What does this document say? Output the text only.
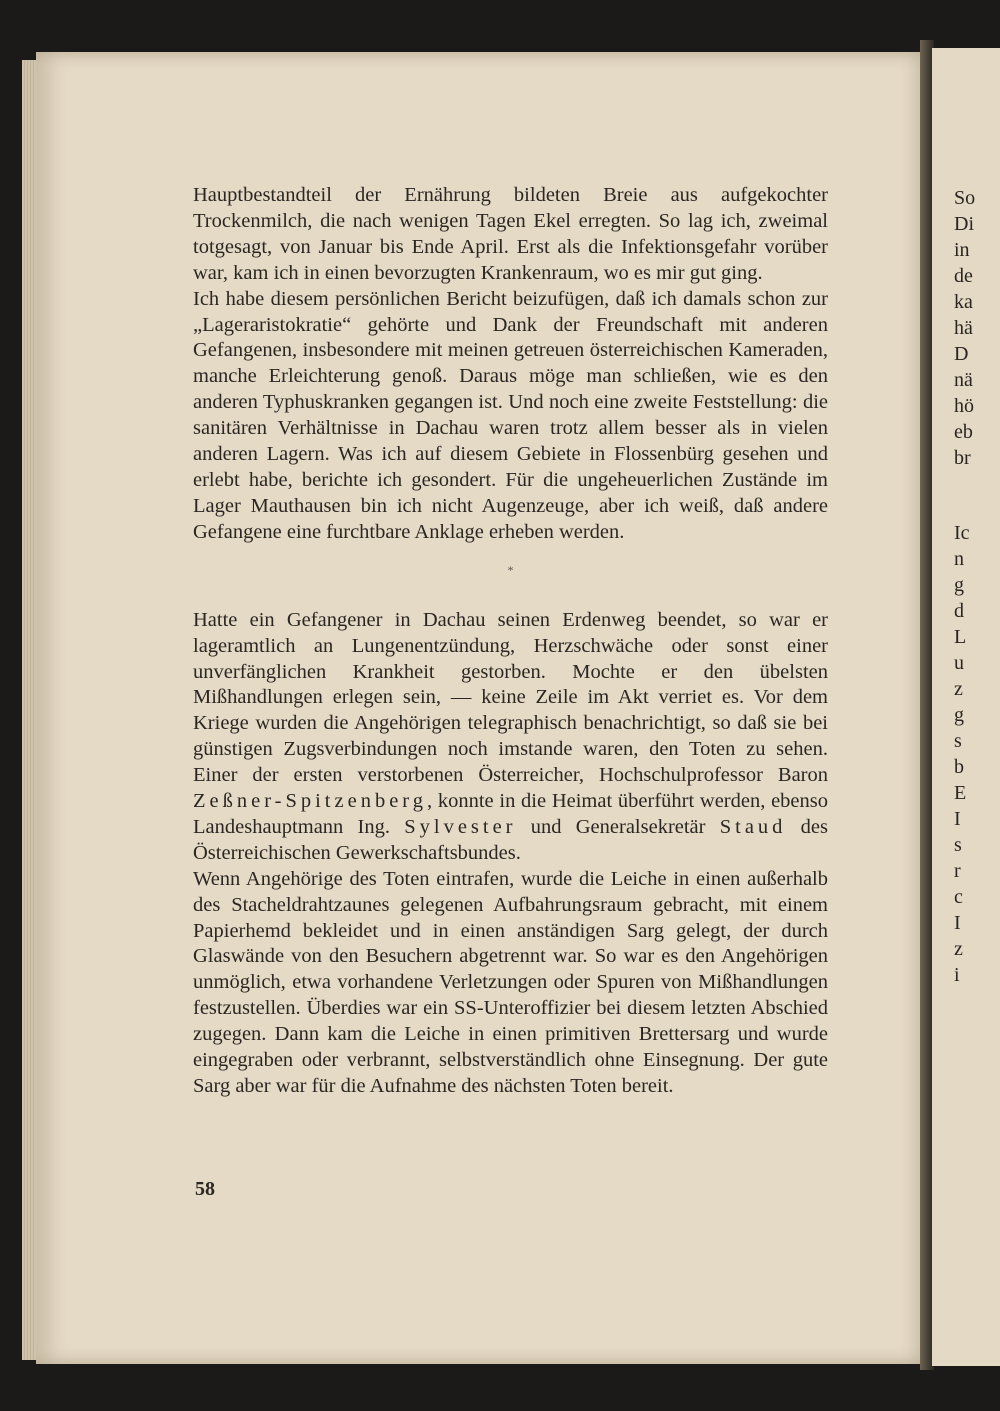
So
Di
in
de
ka
hä
D
nä
hö
eb
br
Ic
n
g
d
L
u
z
g
s
b
E
I
s
r
c
I
z
i

Hauptbestandteil der Ernährung bildeten Breie aus aufgekochter Trockenmilch, die nach wenigen Tagen Ekel erregten. So lag ich, zweimal totgesagt, von Januar bis Ende April. Erst als die Infektionsgefahr vorüber war, kam ich in einen bevorzugten Krankenraum, wo es mir gut ging.

Ich habe diesem persönlichen Bericht beizufügen, daß ich damals schon zur „Lageraristokratie“ gehörte und Dank der Freundschaft mit anderen Gefangenen, insbesondere mit meinen getreuen österreichischen Kameraden, manche Erleichterung genoß. Daraus möge man schließen, wie es den anderen Typhuskranken gegangen ist. Und noch eine zweite Feststellung: die sanitären Verhältnisse in Dachau waren trotz allem besser als in vielen anderen Lagern. Was ich auf diesem Gebiete in Flossenbürg gesehen und erlebt habe, berichte ich gesondert. Für die ungeheuerlichen Zustände im Lager Mauthausen bin ich nicht Augenzeuge, aber ich weiß, daß andere Gefangene eine furchtbare Anklage erheben werden.

*

Hatte ein Gefangener in Dachau seinen Erdenweg beendet, so war er lageramtlich an Lungenentzündung, Herzschwäche oder sonst einer unverfänglichen Krankheit gestorben. Mochte er den übelsten Mißhandlungen erlegen sein, — keine Zeile im Akt verriet es. Vor dem Kriege wurden die Angehörigen telegraphisch benachrichtigt, so daß sie bei günstigen Zugsverbindungen noch imstande waren, den Toten zu sehen. Einer der ersten verstorbenen Österreicher, Hochschulprofessor Baron Zeßner-Spitzenberg, konnte in die Heimat überführt werden, ebenso Landeshauptmann Ing. Sylvester und Generalsekretär Staud des Österreichischen Gewerkschaftsbundes.

Wenn Angehörige des Toten eintrafen, wurde die Leiche in einen außerhalb des Stacheldrahtzaunes gelegenen Aufbahrungsraum gebracht, mit einem Papierhemd bekleidet und in einen anständigen Sarg gelegt, der durch Glaswände von den Besuchern abgetrennt war. So war es den Angehörigen unmöglich, etwa vorhandene Verletzungen oder Spuren von Mißhandlungen festzustellen. Überdies war ein SS-Unteroffizier bei diesem letzten Abschied zugegen. Dann kam die Leiche in einen primitiven Brettersarg und wurde eingegraben oder verbrannt, selbstverständlich ohne Einsegnung. Der gute Sarg aber war für die Aufnahme des nächsten Toten bereit.

58
